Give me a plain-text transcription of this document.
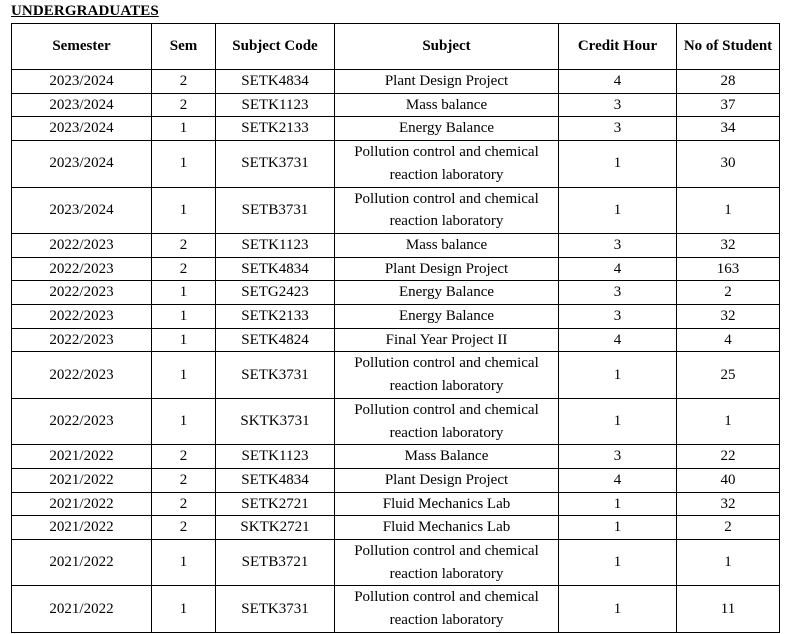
UNDERGRADUATES
Semester	Sem	Subject Code	Subject	Credit Hour	No of Student
2023/2024	2	SETK4834	Plant Design Project	4	28
2023/2024	2	SETK1123	Mass balance	3	37
2023/2024	1	SETK2133	Energy Balance	3	34
2023/2024	1	SETK3731	Pollution control and chemical reaction laboratory	1	30
2023/2024	1	SETB3731	Pollution control and chemical reaction laboratory	1	1
2022/2023	2	SETK1123	Mass balance	3	32
2022/2023	2	SETK4834	Plant Design Project	4	163
2022/2023	1	SETG2423	Energy Balance	3	2
2022/2023	1	SETK2133	Energy Balance	3	32
2022/2023	1	SETK4824	Final Year Project II	4	4
2022/2023	1	SETK3731	Pollution control and chemical reaction laboratory	1	25
2022/2023	1	SKTK3731	Pollution control and chemical reaction laboratory	1	1
2021/2022	2	SETK1123	Mass Balance	3	22
2021/2022	2	SETK4834	Plant Design Project	4	40
2021/2022	2	SETK2721	Fluid Mechanics Lab	1	32
2021/2022	2	SKTK2721	Fluid Mechanics Lab	1	2
2021/2022	1	SETB3721	Pollution control and chemical reaction laboratory	1	1
2021/2022	1	SETK3731	Pollution control and chemical reaction laboratory	1	11
